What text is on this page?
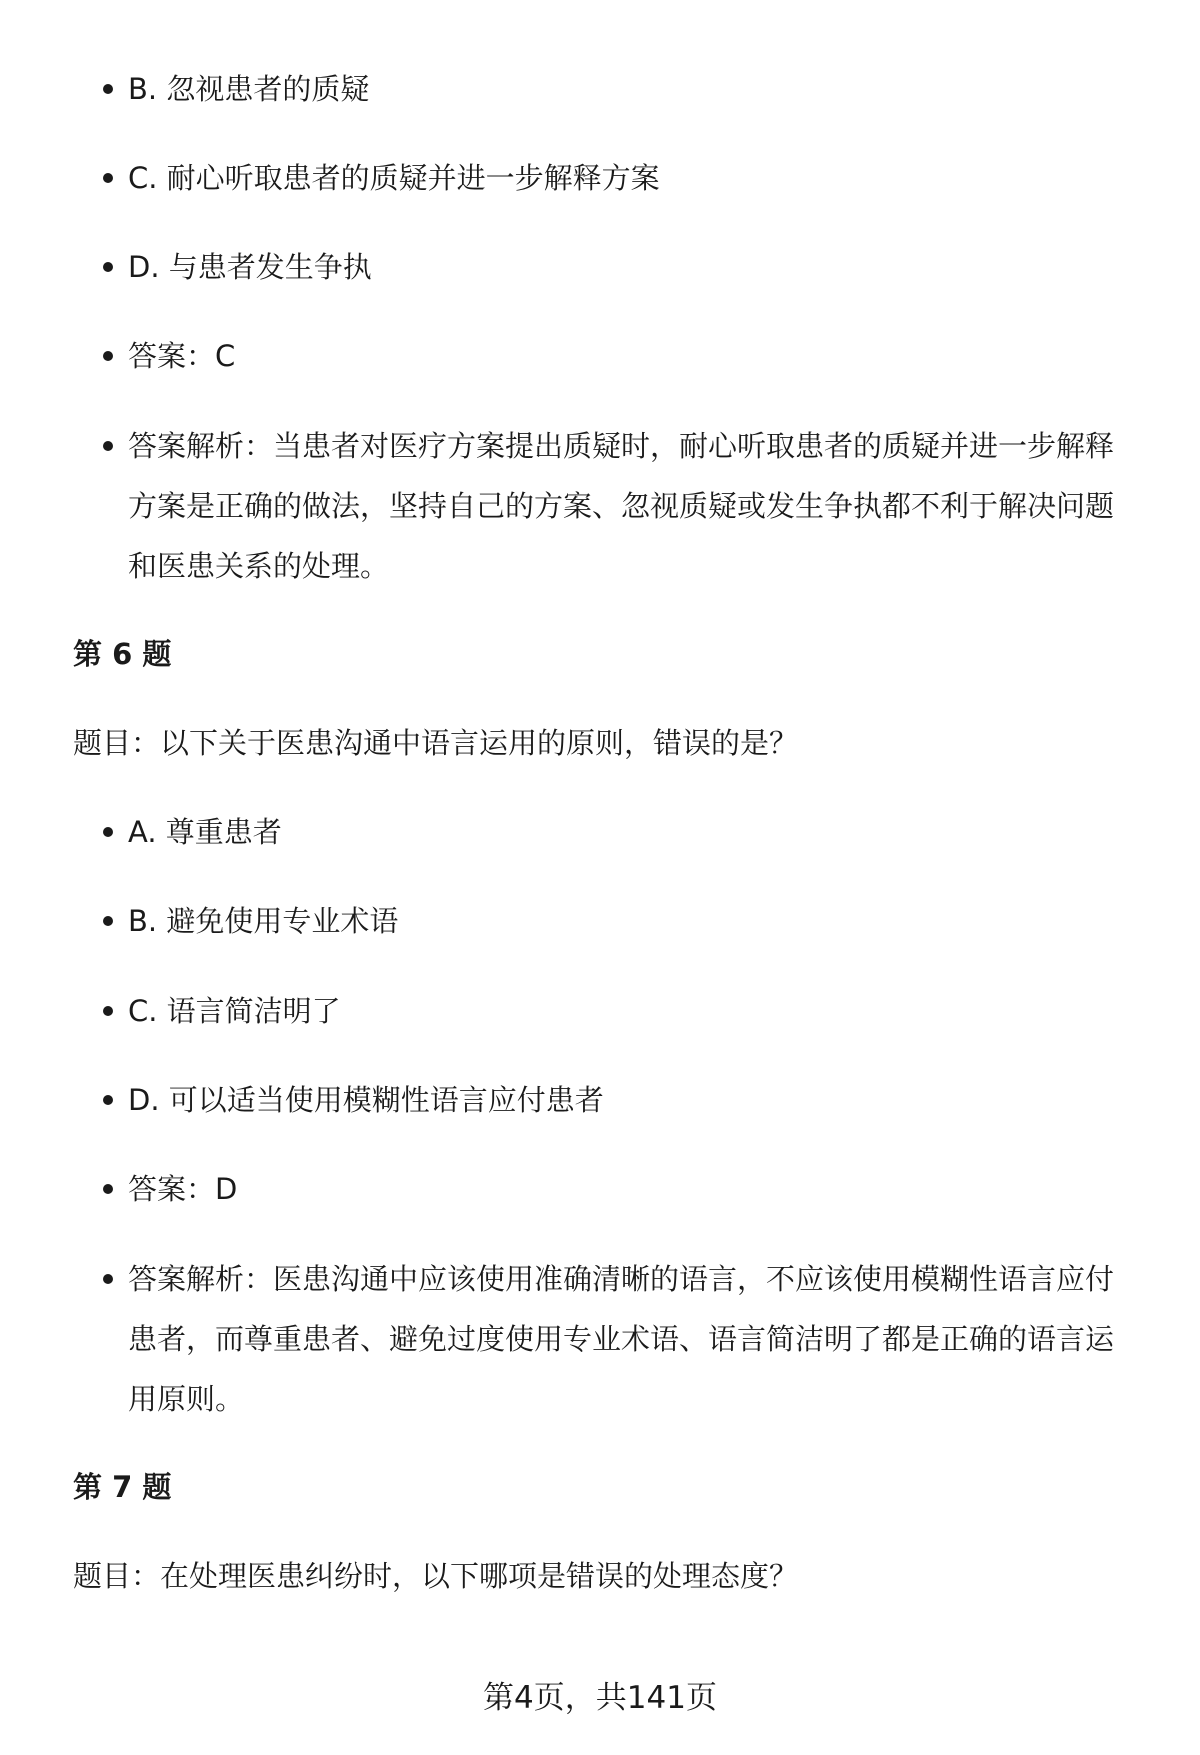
B. 忽视患者的质疑
C. 耐心听取患者的质疑并进一步解释方案
D. 与患者发生争执
答案：C
答案解析：当患者对医疗方案提出质疑时，耐心听取患者的质疑并进一步解释方案是正确的做法，坚持自己的方案、忽视质疑或发生争执都不利于解决问题和医患关系的处理。
第 6 题
题目：以下关于医患沟通中语言运用的原则，错误的是？
A. 尊重患者
B. 避免使用专业术语
C. 语言简洁明了
D. 可以适当使用模糊性语言应付患者
答案：D
答案解析：医患沟通中应该使用准确清晰的语言，不应该使用模糊性语言应付患者，而尊重患者、避免过度使用专业术语、语言简洁明了都是正确的语言运用原则。
第 7 题
题目：在处理医患纠纷时，以下哪项是错误的处理态度？
第4页，共141页
